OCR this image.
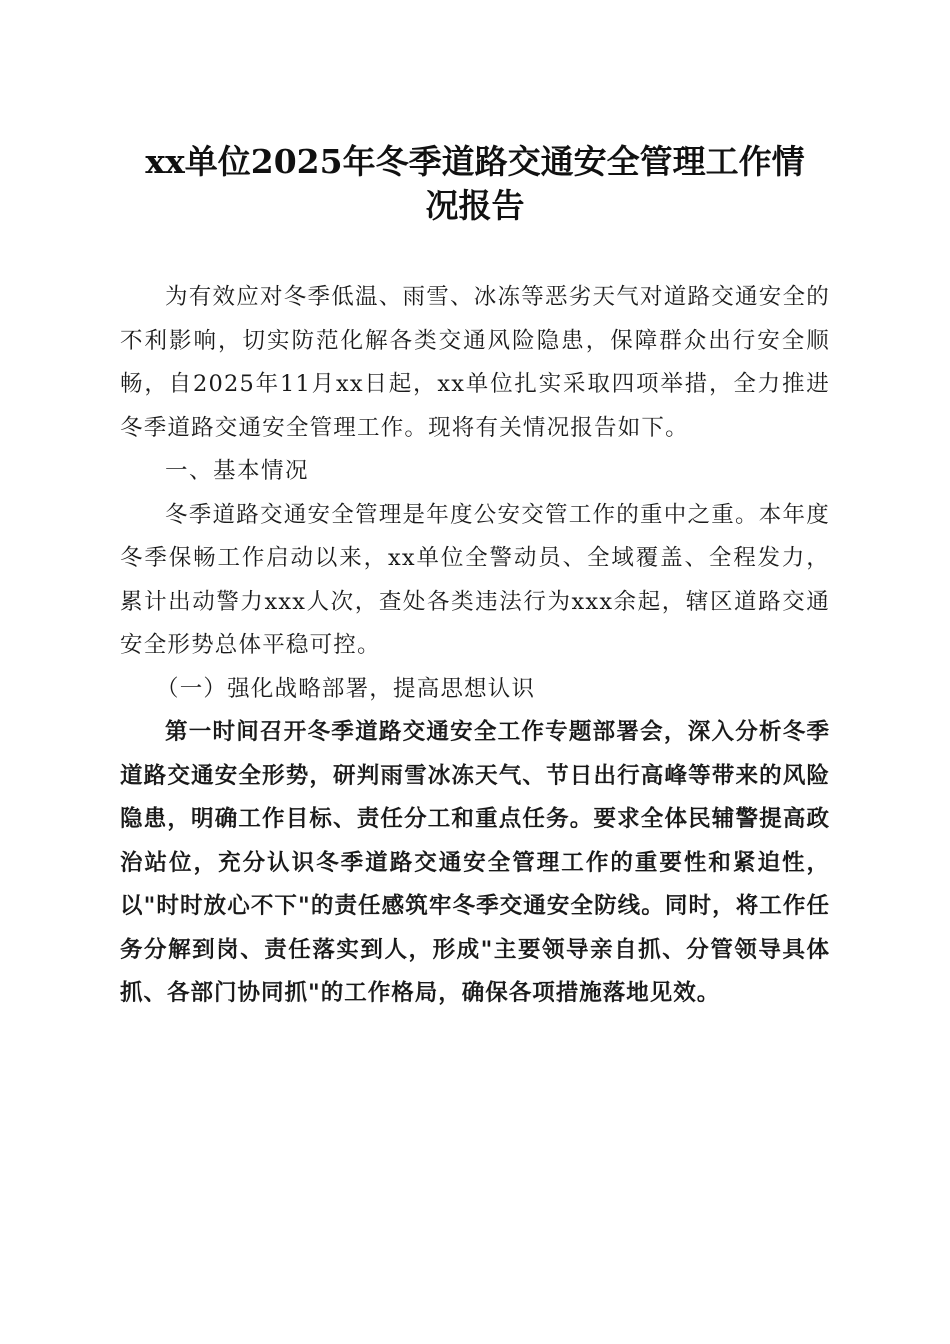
xx单位2025年冬季道路交通安全管理工作情
况报告

为有效应对冬季低温、雨雪、冰冻等恶劣天气对道路交通安全的不利影响，切实防范化解各类交通风险隐患，保障群众出行安全顺畅，自2025年11月xx日起，xx单位扎实采取四项举措，全力推进冬季道路交通安全管理工作。现将有关情况报告如下。

一、基本情况

冬季道路交通安全管理是年度公安交管工作的重中之重。本年度冬季保畅工作启动以来，xx单位全警动员、全域覆盖、全程发力，累计出动警力xxx人次，查处各类违法行为xxx余起，辖区道路交通安全形势总体平稳可控。

（一）强化战略部署，提高思想认识

第一时间召开冬季道路交通安全工作专题部署会，深入分析冬季道路交通安全形势，研判雨雪冰冻天气、节日出行高峰等带来的风险隐患，明确工作目标、责任分工和重点任务。要求全体民辅警提高政治站位，充分认识冬季道路交通安全管理工作的重要性和紧迫性，以"时时放心不下"的责任感筑牢冬季交通安全防线。同时，将工作任务分解到岗、责任落实到人，形成"主要领导亲自抓、分管领导具体抓、各部门协同抓"的工作格局，确保各项措施落地见效。
